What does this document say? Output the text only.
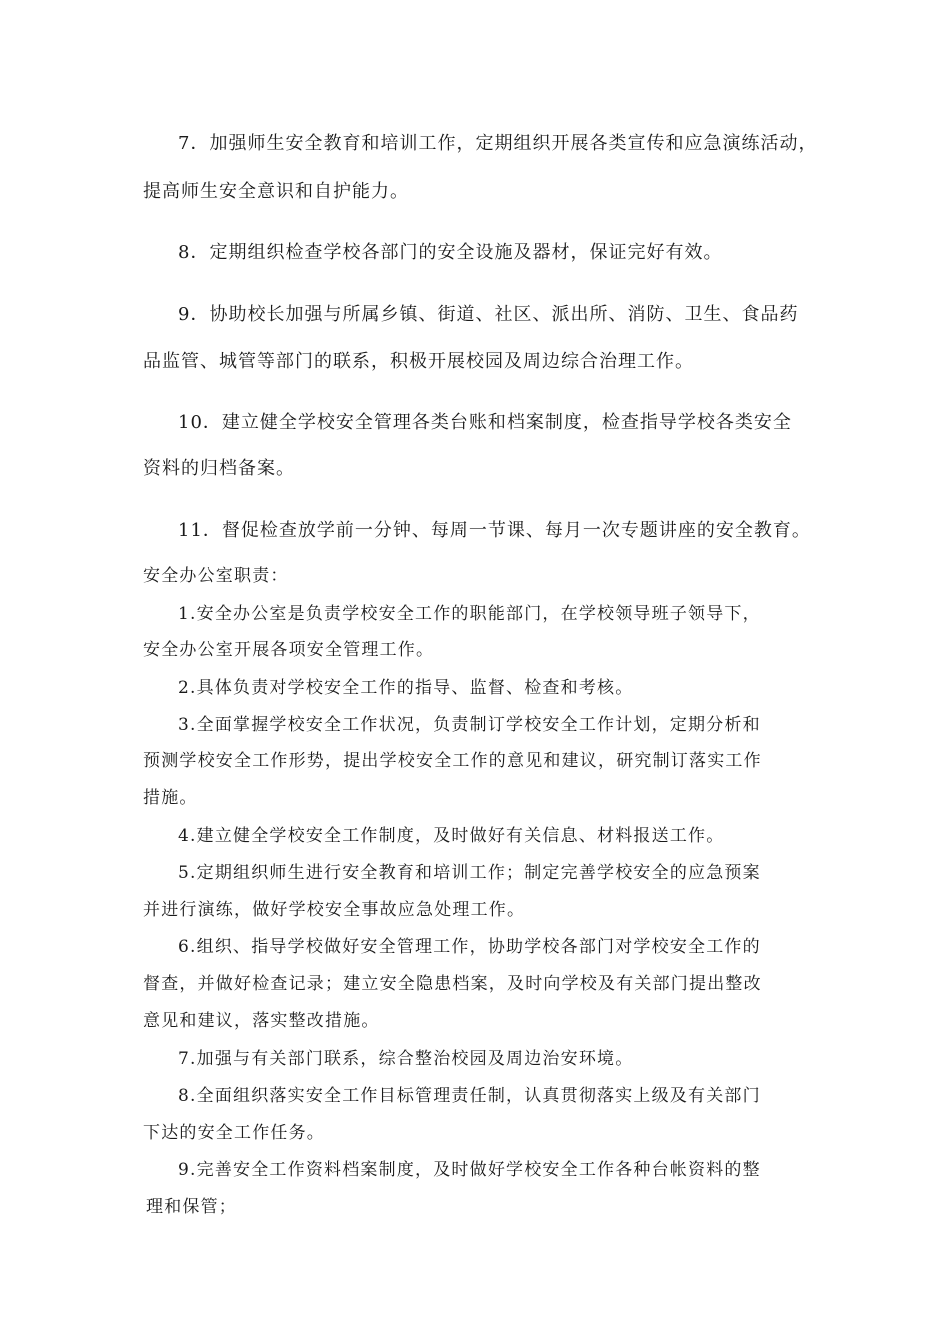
7．加强师生安全教育和培训工作，定期组织开展各类宣传和应急演练活动，
提高师生安全意识和自护能力。
8．定期组织检查学校各部门的安全设施及器材，保证完好有效。
9．协助校长加强与所属乡镇、街道、社区、派出所、消防、卫生、食品药
品监管、城管等部门的联系，积极开展校园及周边综合治理工作。
10．建立健全学校安全管理各类台账和档案制度，检查指导学校各类安全
资料的归档备案。
11．督促检查放学前一分钟、每周一节课、每月一次专题讲座的安全教育。
安全办公室职责：
1.安全办公室是负责学校安全工作的职能部门，在学校领导班子领导下，
安全办公室开展各项安全管理工作。
2.具体负责对学校安全工作的指导、监督、检查和考核。
3.全面掌握学校安全工作状况，负责制订学校安全工作计划，定期分析和
预测学校安全工作形势，提出学校安全工作的意见和建议，研究制订落实工作
措施。
4.建立健全学校安全工作制度，及时做好有关信息、材料报送工作。
5.定期组织师生进行安全教育和培训工作；制定完善学校安全的应急预案
并进行演练，做好学校安全事故应急处理工作。
6.组织、指导学校做好安全管理工作，协助学校各部门对学校安全工作的
督查，并做好检查记录；建立安全隐患档案，及时向学校及有关部门提出整改
意见和建议，落实整改措施。
7.加强与有关部门联系，综合整治校园及周边治安环境。
8.全面组织落实安全工作目标管理责任制，认真贯彻落实上级及有关部门
下达的安全工作任务。
9.完善安全工作资料档案制度，及时做好学校安全工作各种台帐资料的整
理和保管；
